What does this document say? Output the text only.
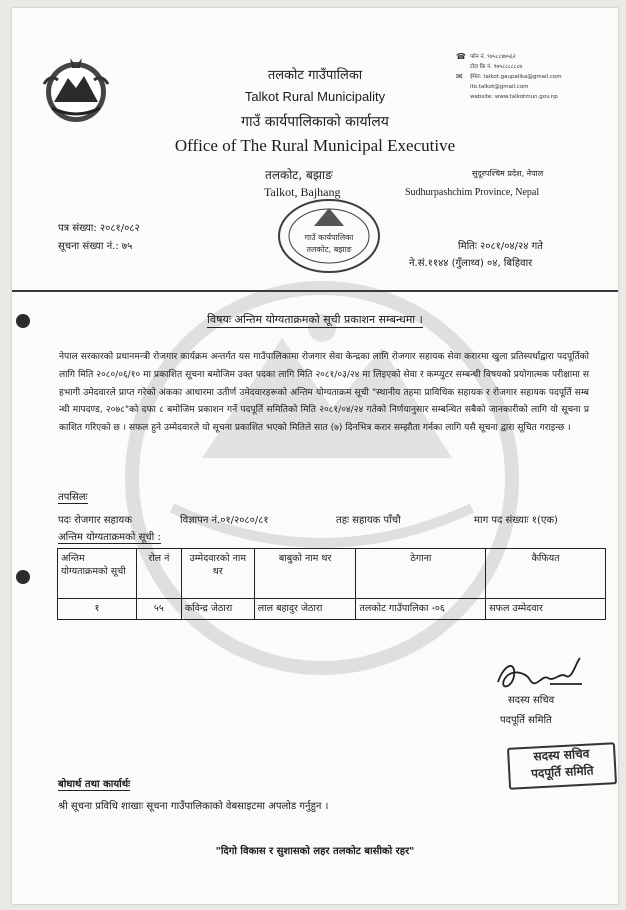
तलकोट गाउँपालिका
Talkot Rural Municipality
गाउँ कार्यपालिकाको कार्यालय
Office of The Rural Municipal Executive
तलकोट, बझाङ
Talkot, Bajhang
सुदूरपश्चिम प्रदेश, नेपाल
Sudhurpashchim Province, Nepal
☎
✉
फोन नं. ९७५८८४७५६२
टोल फ्रि नं. ९७५८८८८८८७
ईमेल: talkot.gaupalika@gmail.com
ito.talkot@gmail.com
website: www.talkotmun.gov.np
गाउँ कार्यपालिका
तलकोट, बझाङ
पत्र संख्या: २०८१/०८२
सूचना संख्या नं.: ७५	मितिः २०८१/०४/२४ गते
ने.सं.११४४ (गुँलाथ्व) ०४, बिहिवार
विषयः अन्तिम योग्यताक्रमको सूची प्रकाशन सम्बन्धमा ।
नेपाल सरकारको प्रधानमन्त्री रोजगार कार्यक्रम अन्तर्गत यस गाउँपालिकामा रोजगार सेवा केन्द्रका लागि रोजगार सहायक सेवा करारमा खुला प्रतिस्पर्धाद्वारा पदपूर्तिको लागि मिति २०८०/०६/१० मा प्रकाशित सूचना बमोजिम उक्त पदका लागि मिति २०८१/०३/२४ मा लिइएको सेवा र कम्प्युटर सम्बन्धी विषयको प्रयोगात्मक परीक्षामा सहभागी उमेदवारले प्राप्त गरेको अंकका आधारमा उतीर्ण उमेदवारहरूको अन्तिम योग्यताक्रम सूची "स्थानीय तहमा प्राविधिक सहायक र रोजगार सहायक पदपूर्ति सम्बन्धी मापदण्ड, २०७८"को दफा ८ बमोजिम प्रकाशन गर्ने पदपूर्ति समितिको मिति २०८१/०४/२४ गतेको निर्णयानुसार सम्बन्धित सबैको जानकारीको लागि यो सूचना प्रकाशित गरिएको छ । सफल हुने उम्मेदवारले यो सूचना प्रकाशित भएको मितिले सात (७) दिनभित्र करार सम्झौता गर्नका लागि यसै सूचना द्वारा सूचित गराइन्छ ।
तपसिलः
पदः रोजगार सहायक	विज्ञापन नं.०१/२०८०/८१	तहः सहायक पाँचौ	माग पद संख्याः १(एक)
अन्तिम योग्यताक्रमको सूची :
अन्तिम योग्यताक्रमको सूची	रोल नं	उम्मेदवारको नाम थर	बाबुको नाम थर	ठेगाना	कैफियत
१	५५	कविन्द्र जेठारा	लाल बहादुर जेठारा	तलकोट गाउँपालिका -०६	सफल उम्मेदवार
सदस्य सचिव
पदपूर्ति समिति
सदस्य सचिव
पदपूर्ति समिति
बोधार्थ तथा कार्यार्थः
श्री सूचना प्रविधि शाखाः सूचना गाउँपालिकाको वेबसाइटमा अपलोड गर्नुहुन ।
"दिगो विकास र सुशासको लहर तलकोट बासीको रहर"
